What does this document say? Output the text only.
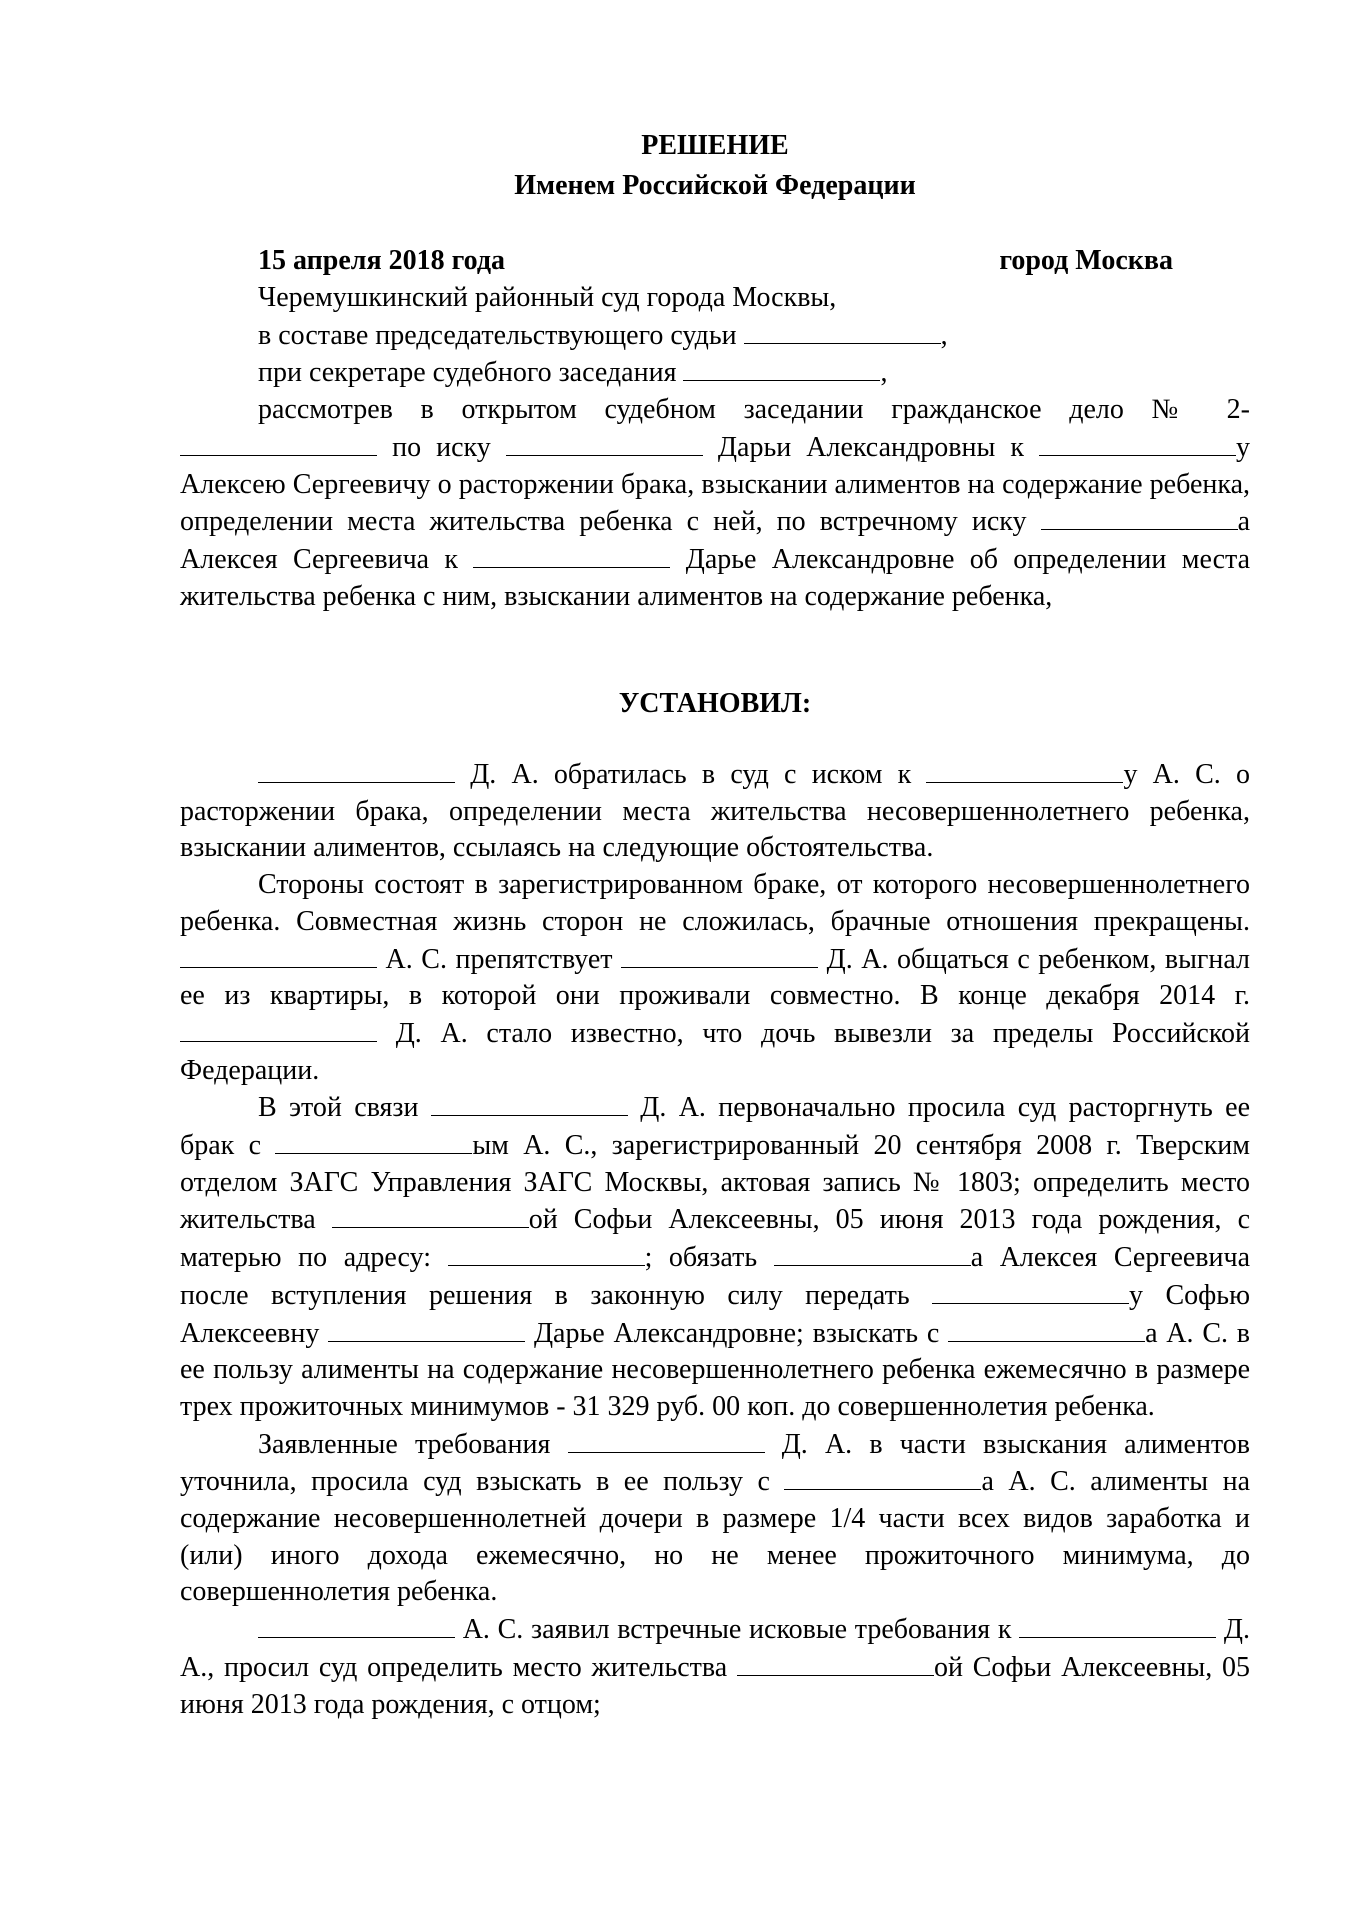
РЕШЕНИЕ
Именем Российской Федерации
15 апреля 2018 года	город Москва

Черемушкинский районный суд города Москвы,

в составе председательствующего судьи	,

при секретаре судебного заседания	,

рассмотрев в открытом судебном заседании гражданское дело № 2-  по иску	Дарьи Александровны к	у Алексею Сергеевичу о расторжении брака, взыскании алиментов на содержание ребенка, определении места жительства ребенка с ней, по встречному иску	а Алексея Сергеевича к	Дарье Александровне об определении места жительства ребенка с ним, взыскании алиментов на содержание ребенка,

УСТАНОВИЛ:

Д. А. обратилась в суд с иском к	у А. С. о расторжении брака, определении места жительства несовершеннолетнего ребенка, взыскании алиментов, ссылаясь на следующие обстоятельства.

Стороны состоят в зарегистрированном браке, от которого несовершеннолетнего ребенка. Совместная жизнь сторон не сложилась, брачные отношения прекращены.  А. С. препятствует	Д. А. общаться с ребенком, выгнал ее из квартиры, в которой они проживали совместно. В конце декабря 2014 г.  Д. А. стало известно, что дочь вывезли за пределы Российской Федерации.

В этой связи	Д. А. первоначально просила суд расторгнуть ее брак с	ым А. С., зарегистрированный 20 сентября 2008 г. Тверским отделом ЗАГС Управления ЗАГС Москвы, актовая запись № 1803; определить место жительства	ой Софьи Алексеевны, 05 июня 2013 года рождения, с матерью по адресу:	; обязать	а Алексея Сергеевича после вступления решения в законную силу передать	у Софью Алексеевну	Дарье Александровне; взыскать с	а А. С. в ее пользу алименты на содержание несовершеннолетнего ребенка ежемесячно в размере трех прожиточных минимумов - 31 329 руб. 00 коп. до совершеннолетия ребенка.

Заявленные требования	Д. А. в части взыскания алиментов уточнила, просила суд взыскать в ее пользу с	а А. С. алименты на содержание несовершеннолетней дочери в размере 1/4 части всех видов заработка и (или) иного дохода ежемесячно, но не менее прожиточного минимума, до совершеннолетия ребенка.

А. С. заявил встречные исковые требования к	Д. А., просил суд определить место жительства	ой Софьи Алексеевны, 05 июня 2013 года рождения, с отцом;
